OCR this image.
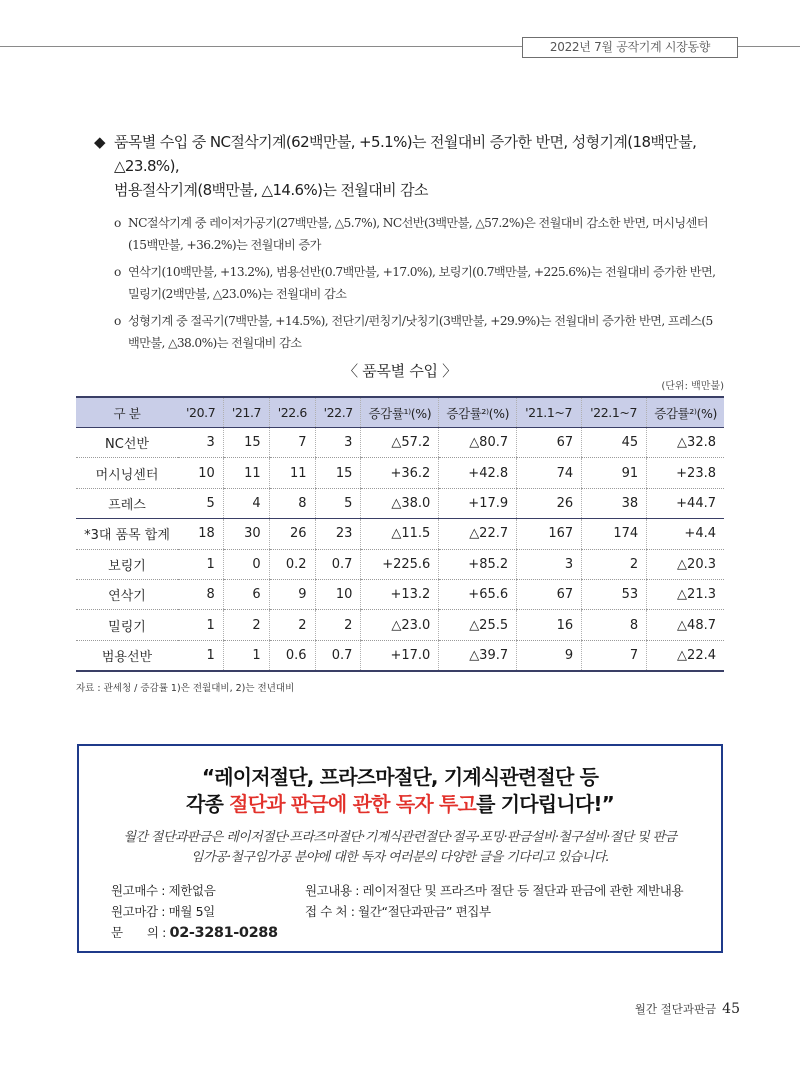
2022년 7월 공작기계 시장동향
◆ 품목별 수입 중 NC절삭기계(62백만불, +5.1%)는 전월대비 증가한 반면, 성형기계(18백만불, △23.8%),
범용절삭기계(8백만불, △14.6%)는 전월대비 감소
o NC절삭기계 중 레이저가공기(27백만불, △5.7%), NC선반(3백만불, △57.2%)은 전월대비 감소한 반면, 머시닝센터
(15백만불, +36.2%)는 전월대비 증가
o 연삭기(10백만불, +13.2%), 범용선반(0.7백만불, +17.0%), 보링기(0.7백만불, +225.6%)는 전월대비 증가한 반면,
밀링기(2백만불, △23.0%)는 전월대비 감소
o 성형기계 중 절곡기(7백만불, +14.5%), 전단기/펀칭기/낫칭기(3백만불, +29.9%)는 전월대비 증가한 반면, 프레스(5
백만불, △38.0%)는 전월대비 감소
〈 품목별 수입 〉
(단위: 백만불)
구 분	'20.7	'21.7	'22.6	'22.7	증감률¹⁾(%)	증감률²⁾(%)	'21.1~7	'22.1~7	증감률²⁾(%)
NC선반	3	15	7	3	△57.2	△80.7	67	45	△32.8
머시닝센터	10	11	11	15	+36.2	+42.8	74	91	+23.8
프레스	5	4	8	5	△38.0	+17.9	26	38	+44.7
*3대 품목 합계	18	30	26	23	△11.5	△22.7	167	174	+4.4
보링기	1	0	0.2	0.7	+225.6	+85.2	3	2	△20.3
연삭기	8	6	9	10	+13.2	+65.6	67	53	△21.3
밀링기	1	2	2	2	△23.0	△25.5	16	8	△48.7
범용선반	1	1	0.6	0.7	+17.0	△39.7	9	7	△22.4
자료 : 관세청 / 증감률 1)은 전월대비, 2)는 전년대비
“레이저절단, 프라즈마절단, 기계식관련절단 등
각종 절단과 판금에 관한 독자 투고를 기다립니다!”
월간 절단과판금은 레이저절단·프라즈마절단·기계식관련절단·절곡·포밍·판금설비·철구설비·절단 및 판금
임가공·철구임가공 분야에 대한 독자 여러분의 다양한 글을 기다리고 있습니다.
원고매수 : 제한없음
원고마감 : 매월 5일
문　　의 : 02-3281-0288
원고내용 : 레이저절단 및 프라즈마 절단 등 절단과 판금에 관한 제반내용
접 수 처 : 월간“절단과판금” 편집부
월간 절단과판금 45
